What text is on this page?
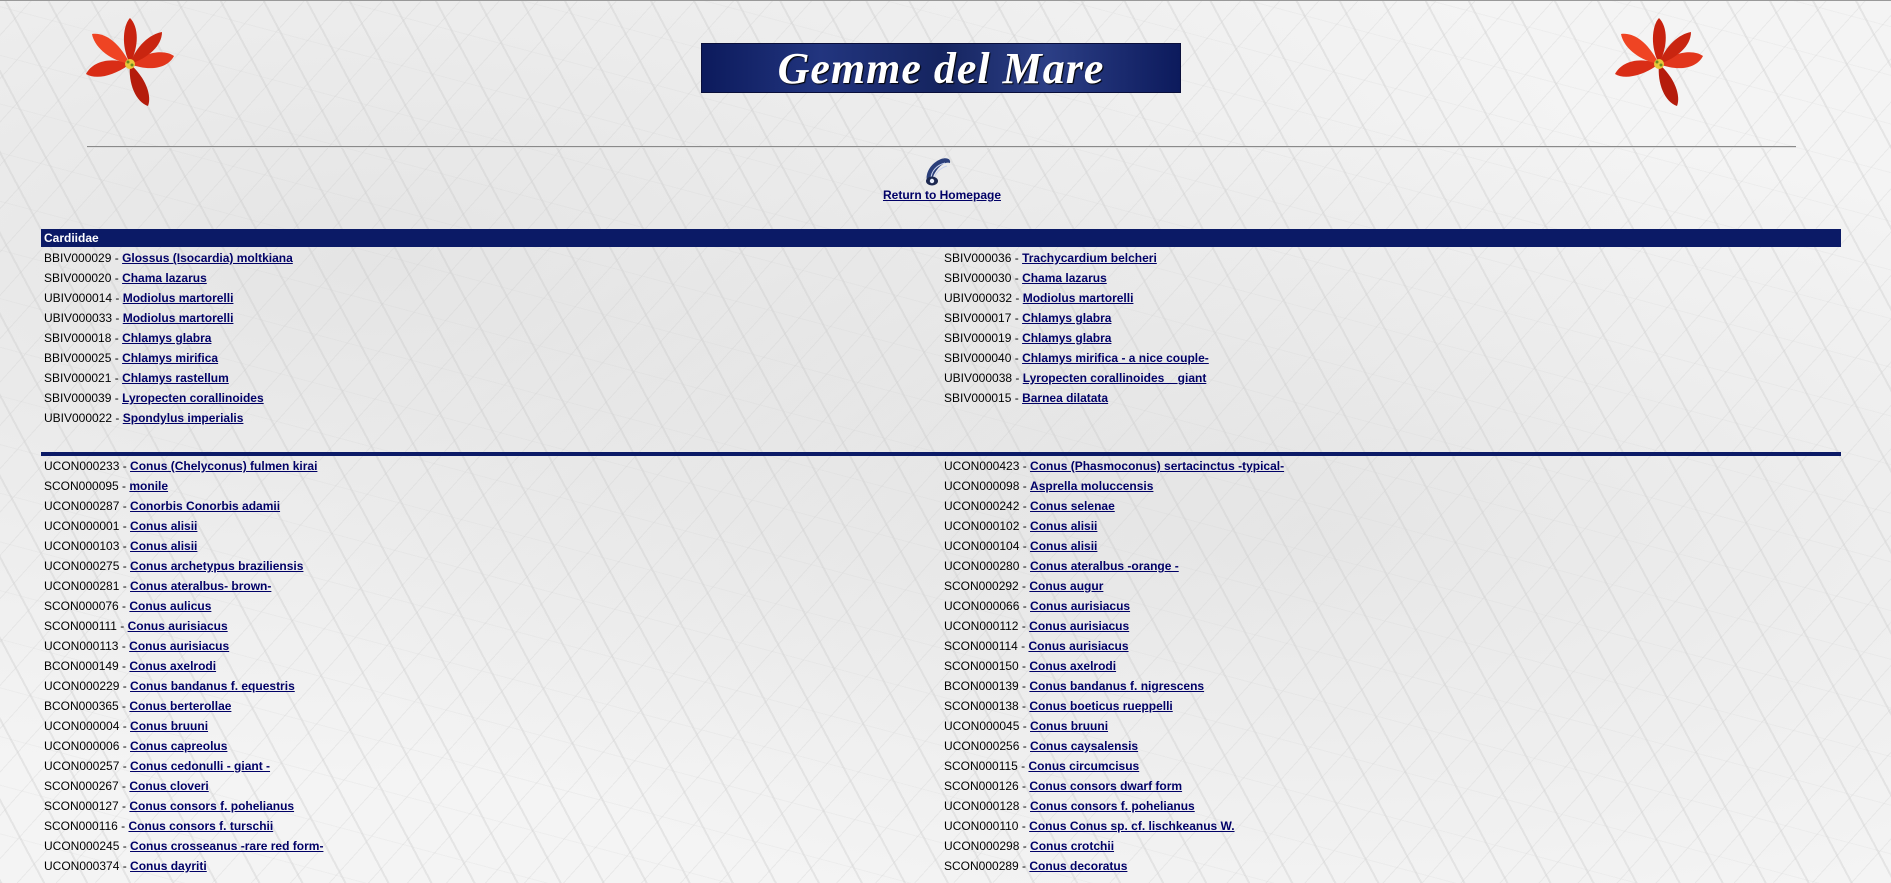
Gemme del Mare
Return to Homepage
Cardiidae
BBIV000029 - Glossus (Isocardia) moltkiana
SBIV000020 - Chama lazarus
UBIV000014 - Modiolus martorelli
UBIV000033 - Modiolus martorelli
SBIV000018 - Chlamys glabra
BBIV000025 - Chlamys mirifica
SBIV000021 - Chlamys rastellum
SBIV000039 - Lyropecten corallinoides
UBIV000022 - Spondylus imperialis
SBIV000036 - Trachycardium belcheri
SBIV000030 - Chama lazarus
UBIV000032 - Modiolus martorelli
SBIV000017 - Chlamys glabra
SBIV000019 - Chlamys glabra
SBIV000040 - Chlamys mirifica - a nice couple-
UBIV000038 - Lyropecten corallinoides__giant
SBIV000015 - Barnea dilatata
UCON000233 - Conus (Chelyconus) fulmen kirai
SCON000095 - monile
UCON000287 - Conorbis Conorbis adamii
UCON000001 - Conus alisii
UCON000103 - Conus alisii
UCON000275 - Conus archetypus braziliensis
UCON000281 - Conus ateralbus- brown-
SCON000076 - Conus aulicus
SCON000111 - Conus aurisiacus
UCON000113 - Conus aurisiacus
BCON000149 - Conus axelrodi
UCON000229 - Conus bandanus f. equestris
BCON000365 - Conus berterollae
UCON000004 - Conus bruuni
UCON000006 - Conus capreolus
UCON000257 - Conus cedonulli - giant -
SCON000267 - Conus cloveri
SCON000127 - Conus consors f. pohelianus
SCON000116 - Conus consors f. turschii
UCON000245 - Conus crosseanus -rare red form-
UCON000374 - Conus dayriti
UCON000423 - Conus (Phasmoconus) sertacinctus -typical-
UCON000098 - Asprella moluccensis
UCON000242 - Conus selenae
UCON000102 - Conus alisii
UCON000104 - Conus alisii
UCON000280 - Conus ateralbus -orange -
SCON000292 - Conus augur
UCON000066 - Conus aurisiacus
UCON000112 - Conus aurisiacus
SCON000114 - Conus aurisiacus
SCON000150 - Conus axelrodi
BCON000139 - Conus bandanus f. nigrescens
SCON000138 - Conus boeticus rueppelli
UCON000045 - Conus bruuni
UCON000256 - Conus caysalensis
SCON000115 - Conus circumcisus
SCON000126 - Conus consors dwarf form
UCON000128 - Conus consors f. pohelianus
UCON000110 - Conus Conus sp. cf. lischkeanus W.
UCON000298 - Conus crotchii
SCON000289 - Conus decoratus
